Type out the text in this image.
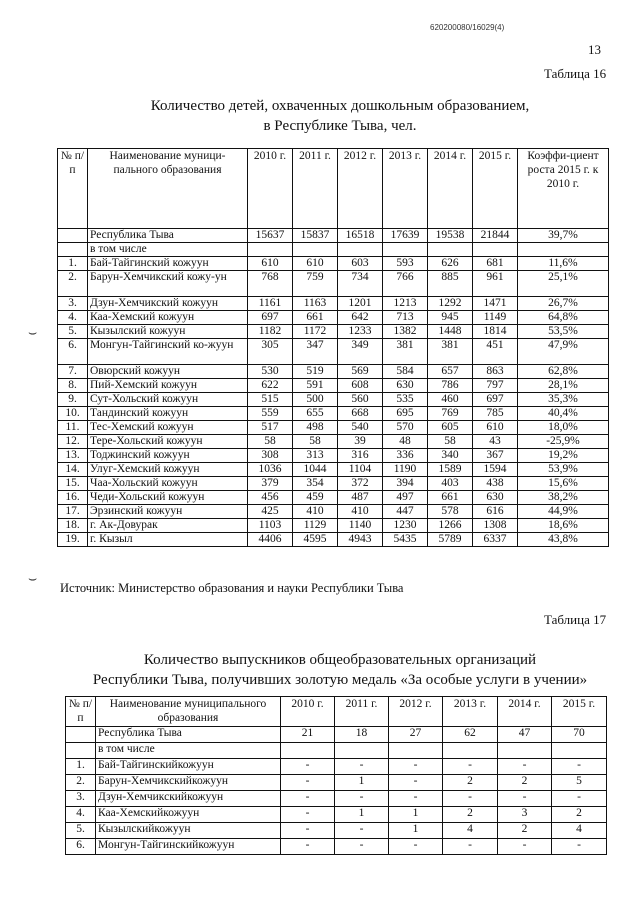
620200080/16029(4)
13
Таблица 16
Количество детей, охваченных дошкольным образованием,
в Республике Тыва, чел.
№ п/п	Наименование муници-пального образования	2010 г.	2011 г.	2012 г.	2013 г.	2014 г.	2015 г.	Коэффи-циент роста 2015 г. к 2010 г.
	Республика Тыва	15637	15837	16518	17639	19538	21844	39,7%
	в том числе							
1.	Бай-Тайгинский кожуун	610	610	603	593	626	681	11,6%
2.	Барун-Хемчикский кожу-ун	768	759	734	766	885	961	25,1%
3.	Дзун-Хемчикский кожуун	1161	1163	1201	1213	1292	1471	26,7%
4.	Каа-Хемский кожуун	697	661	642	713	945	1149	64,8%
5.	Кызылский кожуун	1182	1172	1233	1382	1448	1814	53,5%
6.	Монгун-Тайгинский ко-жуун	305	347	349	381	381	451	47,9%
7.	Овюрский кожуун	530	519	569	584	657	863	62,8%
8.	Пий-Хемский кожуун	622	591	608	630	786	797	28,1%
9.	Сут-Хольский кожуун	515	500	560	535	460	697	35,3%
10.	Тандинский кожуун	559	655	668	695	769	785	40,4%
11.	Тес-Хемский кожуун	517	498	540	570	605	610	18,0%
12.	Тере-Хольский кожуун	58	58	39	48	58	43	-25,9%
13.	Тоджинский кожуун	308	313	316	336	340	367	19,2%
14.	Улуг-Хемский кожуун	1036	1044	1104	1190	1589	1594	53,9%
15.	Чаа-Хольский кожуун	379	354	372	394	403	438	15,6%
16.	Чеди-Хольский кожуун	456	459	487	497	661	630	38,2%
17.	Эрзинский кожуун	425	410	410	447	578	616	44,9%
18.	г. Ак-Довурак	1103	1129	1140	1230	1266	1308	18,6%
19.	г. Кызыл	4406	4595	4943	5435	5789	6337	43,8%
Источник: Министерство образования и науки Республики Тыва
⌣
⌣
Таблица 17
Количество выпускников общеобразовательных организаций
Республики Тыва, получивших золотую медаль «За особые услуги в учении»
№ п/п	Наименование муниципального образования	2010 г.	2011 г.	2012 г.	2013 г.	2014 г.	2015 г.
	Республика Тыва	21	18	27	62	47	70
	в том числе						
1.	Бай-Тайгинскийкожуун	-	-	-	-	-	-
2.	Барун-Хемчикскийкожуун	-	1	-	2	2	5
3.	Дзун-Хемчикскийкожуун	-	-	-	-	-	-
4.	Каа-Хемскийкожуун	-	1	1	2	3	2
5.	Кызылскийкожуун	-	-	1	4	2	4
6.	Монгун-Тайгинскийкожуун	-	-	-	-	-	-
